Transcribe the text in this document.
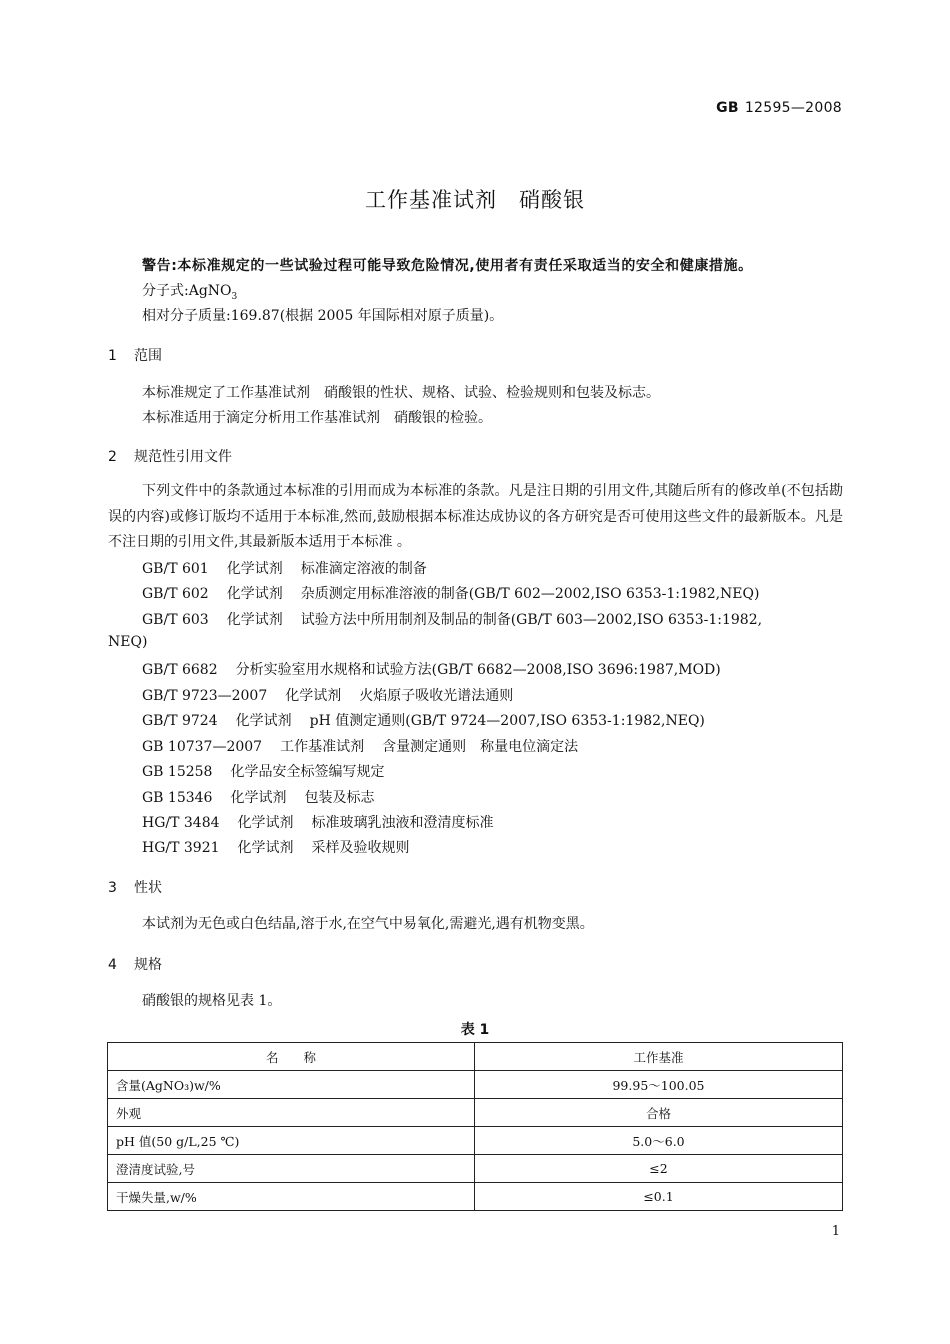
GB 12595—2008
工作基准试剂　硝酸银
警告:本标准规定的一些试验过程可能导致危险情况,使用者有责任采取适当的安全和健康措施。
分子式:AgNO$_3$
相对分子质量:169.87(根据 2005 年国际相对原子质量)。
1 范围
本标准规定了工作基准试剂　硝酸银的性状、规格、试验、检验规则和包装及标志。
本标准适用于滴定分析用工作基准试剂　硝酸银的检验。
2 规范性引用文件
下列文件中的条款通过本标准的引用而成为本标准的条款。凡是注日期的引用文件,其随后所有的修改单(不包括勘误的内容)或修订版均不适用于本标准,然而,鼓励根据本标准达成协议的各方研究是否可使用这些文件的最新版本。凡是不注日期的引用文件,其最新版本适用于本标准 。
GB/T 601 化学试剂 标准滴定溶液的制备
GB/T 602 化学试剂 杂质测定用标准溶液的制备(GB/T 602—2002,ISO 6353-1:1982,NEQ)
GB/T 603 化学试剂 试验方法中所用制剂及制品的制备(GB/T 603—2002,ISO 6353-1:1982,
NEQ)
GB/T 6682 分析实验室用水规格和试验方法(GB/T 6682—2008,ISO 3696:1987,MOD)
GB/T 9723—2007 化学试剂 火焰原子吸收光谱法通则
GB/T 9724 化学试剂 pH 值测定通则(GB/T 9724—2007,ISO 6353-1:1982,NEQ)
GB 10737—2007 工作基准试剂 含量测定通则　称量电位滴定法
GB 15258 化学品安全标签编写规定
GB 15346 化学试剂 包装及标志
HG/T 3484 化学试剂 标准玻璃乳浊液和澄清度标准
HG/T 3921 化学试剂 采样及验收规则
3 性状
本试剂为无色或白色结晶,溶于水,在空气中易氧化,需避光,遇有机物变黑。
4 规格
硝酸银的规格见表 1。
表 1
名　　称	工作基准
含量(AgNO₃)w/%	99.95～100.05
外观	合格
pH 值(50 g/L,25 ℃)	5.0～6.0
澄清度试验,号	≤2
干燥失量,w/%	≤0.1
1
